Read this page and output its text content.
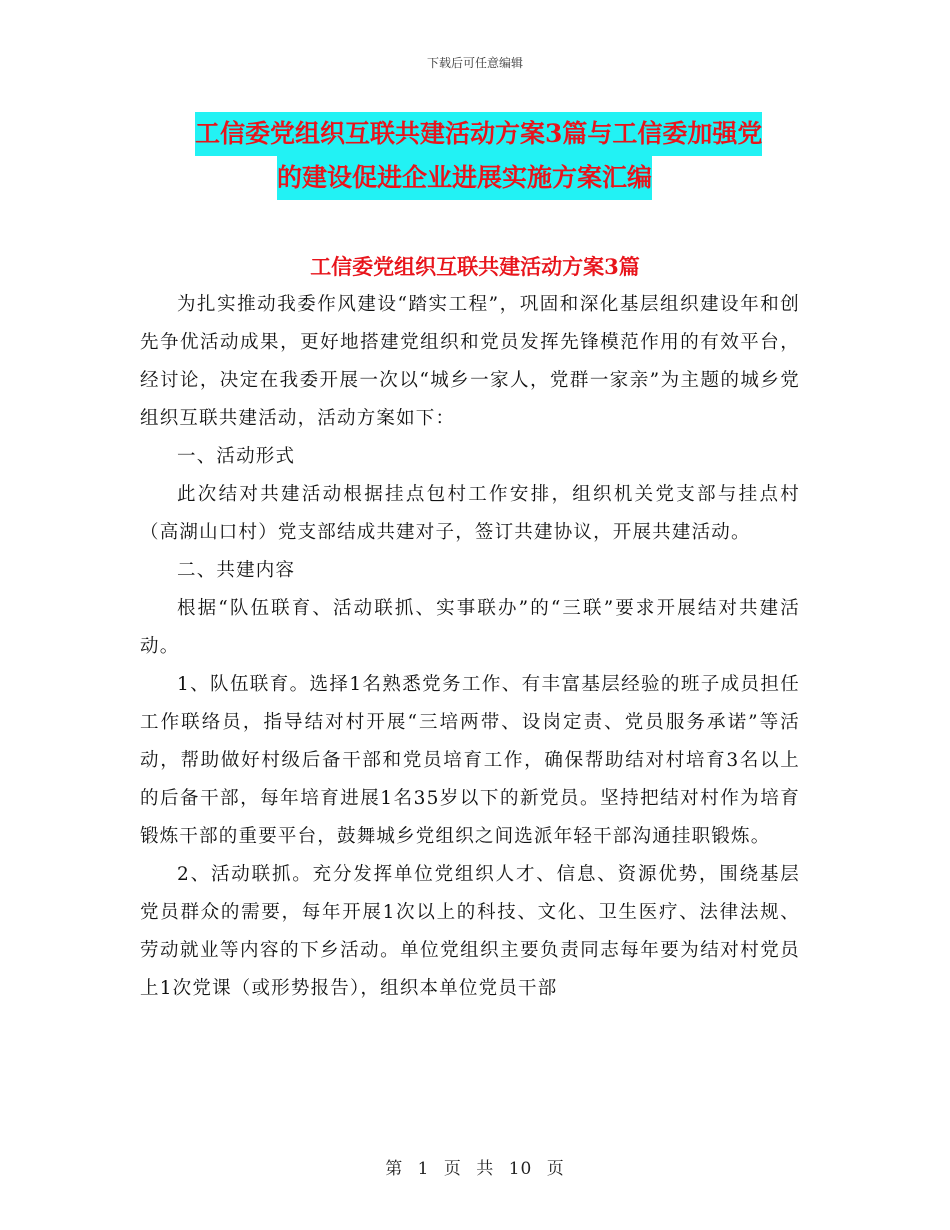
下载后可任意编辑
工信委党组织互联共建活动方案3篇与工信委加强党
的建设促进企业进展实施方案汇编
工信委党组织互联共建活动方案3篇

为扎实推动我委作风建设“踏实工程”，巩固和深化基层组织建设年和创先争优活动成果，更好地搭建党组织和党员发挥先锋模范作用的有效平台，经讨论，决定在我委开展一次以“城乡一家人，党群一家亲”为主题的城乡党组织互联共建活动，活动方案如下：

一、活动形式

此次结对共建活动根据挂点包村工作安排，组织机关党支部与挂点村（高湖山口村）党支部结成共建对子，签订共建协议，开展共建活动。

二、共建内容

根据“队伍联育、活动联抓、实事联办”的“三联”要求开展结对共建活动。

1、队伍联育。选择1名熟悉党务工作、有丰富基层经验的班子成员担任工作联络员，指导结对村开展“三培两带、设岗定责、党员服务承诺”等活动，帮助做好村级后备干部和党员培育工作，确保帮助结对村培育3名以上的后备干部，每年培育进展1名35岁以下的新党员。坚持把结对村作为培育锻炼干部的重要平台，鼓舞城乡党组织之间选派年轻干部沟通挂职锻炼。

2、活动联抓。充分发挥单位党组织人才、信息、资源优势，围绕基层党员群众的需要，每年开展1次以上的科技、文化、卫生医疗、法律法规、劳动就业等内容的下乡活动。单位党组织主要负责同志每年要为结对村党员上1次党课（或形势报告），组织本单位党员干部

第 1 页 共 10 页
